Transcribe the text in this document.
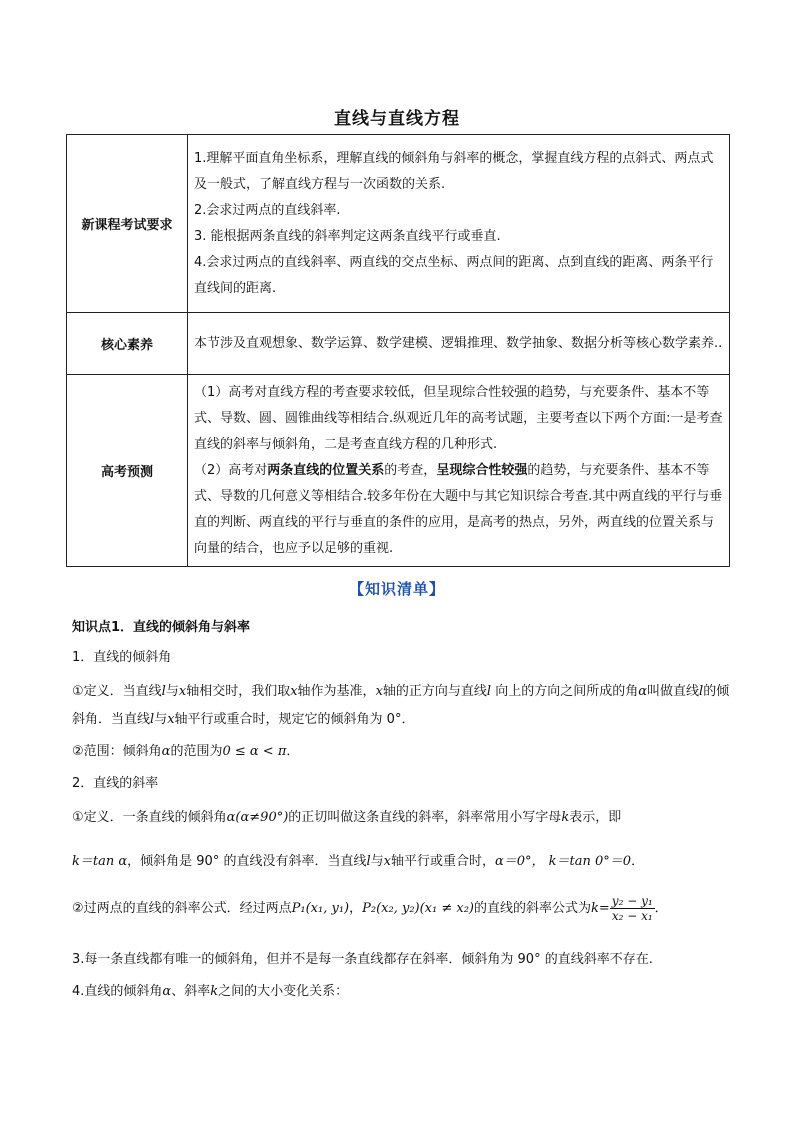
直线与直线方程
新课程考试要求	1.理解平面直角坐标系，理解直线的倾斜角与斜率的概念，掌握直线方程的点斜式、两点式及一般式，了解直线方程与一次函数的关系.

2.会求过两点的直线斜率.

3. 能根据两条直线的斜率判定这两条直线平行或垂直.

4.会求过两点的直线斜率、两直线的交点坐标、两点间的距离、点到直线的距离、两条平行直线间的距离.

核心素养	本节涉及直观想象、数学运算、数学建模、逻辑推理、数学抽象、数据分析等核心数学素养..

高考预测	（1）高考对直线方程的考查要求较低，但呈现综合性较强的趋势，与充要条件、基本不等式、导数、圆、圆锥曲线等相结合.纵观近几年的高考试题，主要考查以下两个方面:一是考查直线的斜率与倾斜角，二是考查直线方程的几种形式.

（2）高考对两条直线的位置关系的考查，呈现综合性较强的趋势，与充要条件、基本不等式、导数的几何意义等相结合.较多年份在大题中与其它知识综合考查.其中两直线的平行与垂直的判断、两直线的平行与垂直的条件的应用，是高考的热点，另外，两直线的位置关系与向量的结合，也应予以足够的重视.

【知识清单】
知识点1．直线的倾斜角与斜率
1．直线的倾斜角
①定义．当直线l与x轴相交时，我们取x轴作为基准，x轴的正方向与直线l 向上的方向之间所成的角α叫做直线l的倾斜角．当直线l与x轴平行或重合时，规定它的倾斜角为 0°．
②范围：倾斜角α的范围为0 ≤ α < π．
2．直线的斜率
①定义．一条直线的倾斜角α(α≠90°)的正切叫做这条直线的斜率，斜率常用小写字母k表示，即
k＝tan α，倾斜角是 90° 的直线没有斜率．当直线l与x轴平行或重合时，α＝0°， k＝tan 0°＝0．
②过两点的直线的斜率公式．经过两点P₁(x₁, y₁)，P₂(x₂, y₂)(x₁ ≠ x₂)的直线的斜率公式为$k= \frac{\text{y₂ − y₁}}{\text{x₂ − x₁}}$ ．
3.每一条直线都有唯一的倾斜角，但并不是每一条直线都存在斜率．倾斜角为 90° 的直线斜率不存在.
4.直线的倾斜角α、斜率k之间的大小变化关系：
